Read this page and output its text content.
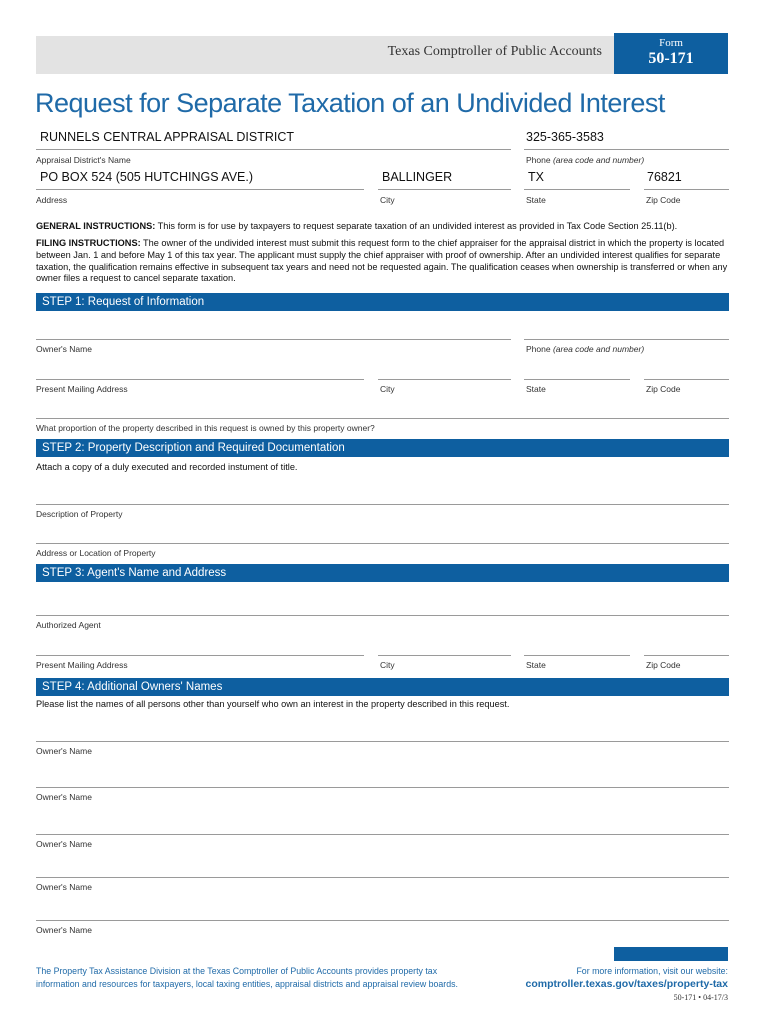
Texas Comptroller of Public Accounts
Form
50-171
Request for Separate Taxation of an Undivided Interest
RUNNELS CENTRAL APPRAISAL DISTRICT
Appraisal District's Name
325-365-3583
Phone (area code and number)
PO BOX 524 (505 HUTCHINGS AVE.)
Address
BALLINGER
City
TX
State
76821
Zip Code
GENERAL INSTRUCTIONS: This form is for use by taxpayers to request separate taxation of an undivided interest as provided in Tax Code Section 25.11(b).
FILING INSTRUCTIONS: The owner of the undivided interest must submit this request form to the chief appraiser for the appraisal district in which the property is located between Jan. 1 and before May 1 of this tax year. The applicant must supply the chief appraiser with proof of ownership. After an undivided interest qualifies for separate taxation, the qualification remains effective in subsequent tax years and need not be requested again. The qualification ceases when ownership is transferred or when any owner files a request to cancel separate taxation.
STEP 1: Request of Information
Owner's Name	Phone (area code and number)
Present Mailing Address	City	State	Zip Code
What proportion of the property described in this request is owned by this property owner?
STEP 2: Property Description and Required Documentation
Attach a copy of a duly executed and recorded instument of title.
Description of Property
Address or Location of Property
STEP 3: Agent's Name and Address
Authorized Agent
Present Mailing Address	City	State	Zip Code
STEP 4: Additional Owners' Names
Please list the names of all persons other than yourself who own an interest in the property described in this request.
Owner's Name
Owner's Name
Owner's Name
Owner's Name
Owner's Name
The Property Tax Assistance Division at the Texas Comptroller of Public Accounts provides property tax information and resources for taxpayers, local taxing entities, appraisal districts and appraisal review boards.
For more information, visit our website:
comptroller.texas.gov/taxes/property-tax
50-171 • 04-17/3
